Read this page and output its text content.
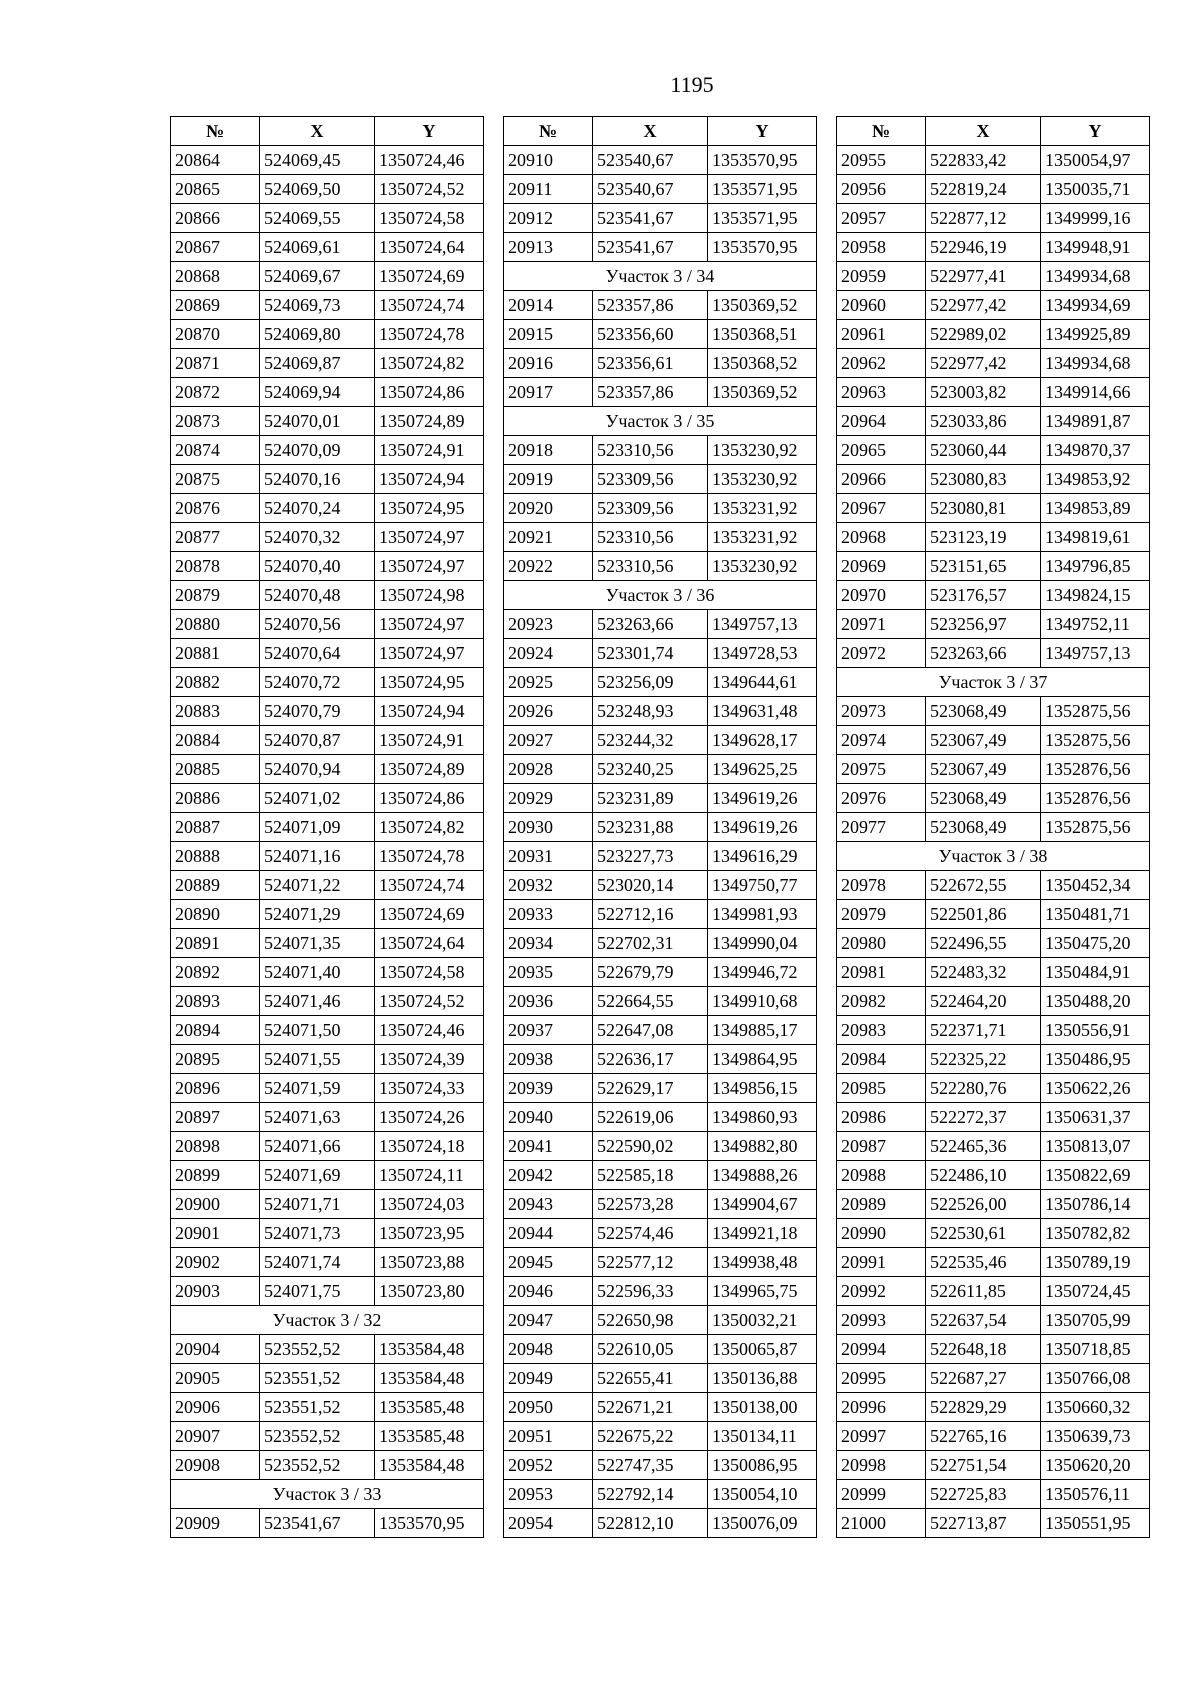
1195
№	X	Y
20864	524069,45	1350724,46
20865	524069,50	1350724,52
20866	524069,55	1350724,58
20867	524069,61	1350724,64
20868	524069,67	1350724,69
20869	524069,73	1350724,74
20870	524069,80	1350724,78
20871	524069,87	1350724,82
20872	524069,94	1350724,86
20873	524070,01	1350724,89
20874	524070,09	1350724,91
20875	524070,16	1350724,94
20876	524070,24	1350724,95
20877	524070,32	1350724,97
20878	524070,40	1350724,97
20879	524070,48	1350724,98
20880	524070,56	1350724,97
20881	524070,64	1350724,97
20882	524070,72	1350724,95
20883	524070,79	1350724,94
20884	524070,87	1350724,91
20885	524070,94	1350724,89
20886	524071,02	1350724,86
20887	524071,09	1350724,82
20888	524071,16	1350724,78
20889	524071,22	1350724,74
20890	524071,29	1350724,69
20891	524071,35	1350724,64
20892	524071,40	1350724,58
20893	524071,46	1350724,52
20894	524071,50	1350724,46
20895	524071,55	1350724,39
20896	524071,59	1350724,33
20897	524071,63	1350724,26
20898	524071,66	1350724,18
20899	524071,69	1350724,11
20900	524071,71	1350724,03
20901	524071,73	1350723,95
20902	524071,74	1350723,88
20903	524071,75	1350723,80
Участок 3 / 32		
20904	523552,52	1353584,48
20905	523551,52	1353584,48
20906	523551,52	1353585,48
20907	523552,52	1353585,48
20908	523552,52	1353584,48
Участок 3 / 33		
20909	523541,67	1353570,95
№	X	Y
20910	523540,67	1353570,95
20911	523540,67	1353571,95
20912	523541,67	1353571,95
20913	523541,67	1353570,95
Участок 3 / 34		
20914	523357,86	1350369,52
20915	523356,60	1350368,51
20916	523356,61	1350368,52
20917	523357,86	1350369,52
Участок 3 / 35		
20918	523310,56	1353230,92
20919	523309,56	1353230,92
20920	523309,56	1353231,92
20921	523310,56	1353231,92
20922	523310,56	1353230,92
Участок 3 / 36		
20923	523263,66	1349757,13
20924	523301,74	1349728,53
20925	523256,09	1349644,61
20926	523248,93	1349631,48
20927	523244,32	1349628,17
20928	523240,25	1349625,25
20929	523231,89	1349619,26
20930	523231,88	1349619,26
20931	523227,73	1349616,29
20932	523020,14	1349750,77
20933	522712,16	1349981,93
20934	522702,31	1349990,04
20935	522679,79	1349946,72
20936	522664,55	1349910,68
20937	522647,08	1349885,17
20938	522636,17	1349864,95
20939	522629,17	1349856,15
20940	522619,06	1349860,93
20941	522590,02	1349882,80
20942	522585,18	1349888,26
20943	522573,28	1349904,67
20944	522574,46	1349921,18
20945	522577,12	1349938,48
20946	522596,33	1349965,75
20947	522650,98	1350032,21
20948	522610,05	1350065,87
20949	522655,41	1350136,88
20950	522671,21	1350138,00
20951	522675,22	1350134,11
20952	522747,35	1350086,95
20953	522792,14	1350054,10
20954	522812,10	1350076,09
№	X	Y
20955	522833,42	1350054,97
20956	522819,24	1350035,71
20957	522877,12	1349999,16
20958	522946,19	1349948,91
20959	522977,41	1349934,68
20960	522977,42	1349934,69
20961	522989,02	1349925,89
20962	522977,42	1349934,68
20963	523003,82	1349914,66
20964	523033,86	1349891,87
20965	523060,44	1349870,37
20966	523080,83	1349853,92
20967	523080,81	1349853,89
20968	523123,19	1349819,61
20969	523151,65	1349796,85
20970	523176,57	1349824,15
20971	523256,97	1349752,11
20972	523263,66	1349757,13
Участок 3 / 37		
20973	523068,49	1352875,56
20974	523067,49	1352875,56
20975	523067,49	1352876,56
20976	523068,49	1352876,56
20977	523068,49	1352875,56
Участок 3 / 38		
20978	522672,55	1350452,34
20979	522501,86	1350481,71
20980	522496,55	1350475,20
20981	522483,32	1350484,91
20982	522464,20	1350488,20
20983	522371,71	1350556,91
20984	522325,22	1350486,95
20985	522280,76	1350622,26
20986	522272,37	1350631,37
20987	522465,36	1350813,07
20988	522486,10	1350822,69
20989	522526,00	1350786,14
20990	522530,61	1350782,82
20991	522535,46	1350789,19
20992	522611,85	1350724,45
20993	522637,54	1350705,99
20994	522648,18	1350718,85
20995	522687,27	1350766,08
20996	522829,29	1350660,32
20997	522765,16	1350639,73
20998	522751,54	1350620,20
20999	522725,83	1350576,11
21000	522713,87	1350551,95
